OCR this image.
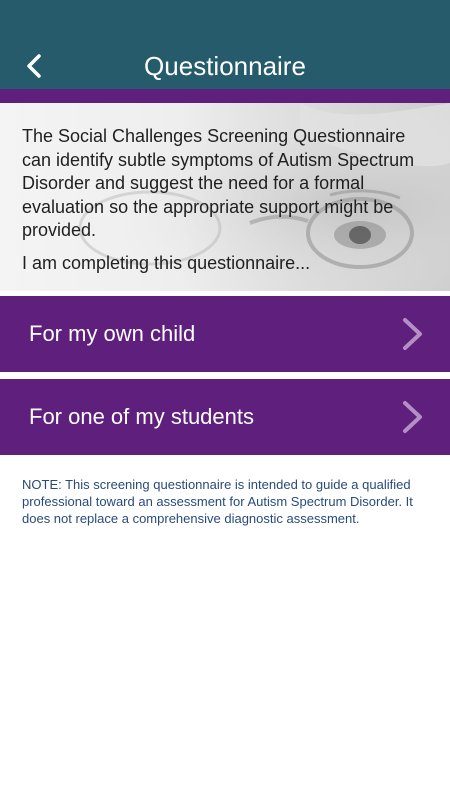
Questionnaire

The Social Challenges Screening Questionnaire can identify subtle symptoms of Autism Spectrum Disorder and suggest the need for a formal evaluation so the appropriate support might be provided.

I am completing this questionnaire...

For my own child
For one of my students
NOTE: This screening questionnaire is intended to guide a qualified professional toward an assessment for Autism Spectrum Disorder. It does not replace a comprehensive diagnostic assessment.
